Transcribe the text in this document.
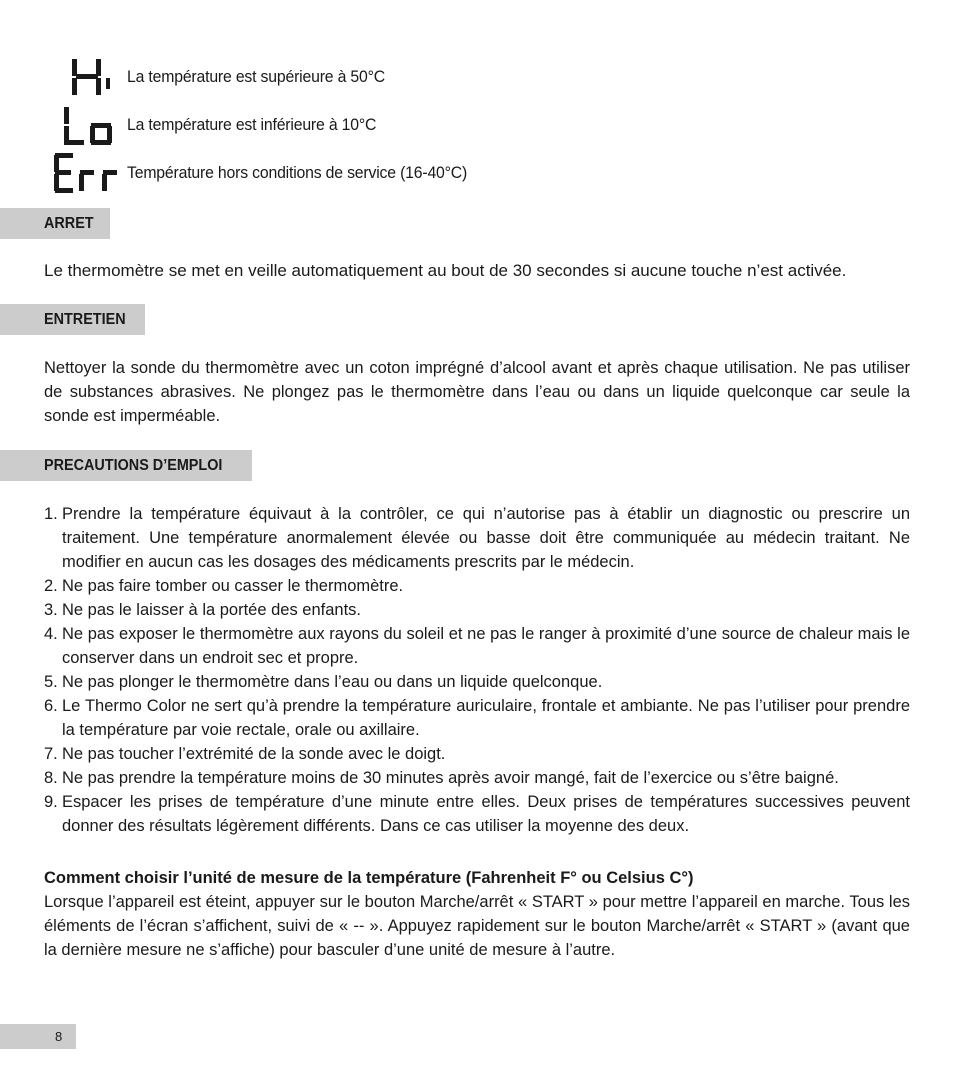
La température est supérieure à 50°C
La température est inférieure à 10°C
Température hors conditions de service (16-40°C)
ARRET
Le thermomètre se met en veille automatiquement au bout de 30 secondes si aucune touche n’est activée.
ENTRETIEN
Nettoyer la sonde du thermomètre avec un coton imprégné d’alcool avant et après chaque utilisation. Ne pas utiliser de substances abrasives. Ne plongez pas le thermomètre dans l’eau ou dans un liquide quelconque car seule la sonde est imperméable.
PRECAUTIONS D’EMPLOI
1. Prendre la température équivaut à la contrôler, ce qui n’autorise pas à établir un diagnostic ou prescrire un traitement. Une température anormalement élevée ou basse doit être communiquée au médecin traitant. Ne modifier en aucun cas les dosages des médicaments prescrits par le médecin.
2. Ne pas faire tomber ou casser le thermomètre.
3. Ne pas le laisser à la portée des enfants.
4. Ne pas exposer le thermomètre aux rayons du soleil et ne pas le ranger à proximité d’une source de chaleur mais le conserver dans un endroit sec et propre.
5. Ne pas plonger le thermomètre dans l’eau ou dans un liquide quelconque.
6. Le Thermo Color ne sert qu’à prendre la température auriculaire, frontale et ambiante. Ne pas l’utiliser pour prendre la température par voie rectale, orale ou axillaire.
7. Ne pas toucher l’extrémité de la sonde avec le doigt.
8. Ne pas prendre la température moins de 30 minutes après avoir mangé, fait de l’exercice ou s’être baigné.
9. Espacer les prises de température d’une minute entre elles. Deux prises de températures successives peuvent donner des résultats légèrement différents. Dans ce cas utiliser la moyenne des deux.
Comment choisir l’unité de mesure de la température (Fahrenheit F° ou Celsius C°)
Lorsque l’appareil est éteint, appuyer sur le bouton Marche/arrêt « START » pour mettre l’appareil en marche. Tous les éléments de l’écran s’affichent, suivi de « -- ». Appuyez rapidement sur le bouton Marche/arrêt « START » (avant que la dernière mesure ne s’affiche) pour basculer d’une unité de mesure à l’autre.
8
